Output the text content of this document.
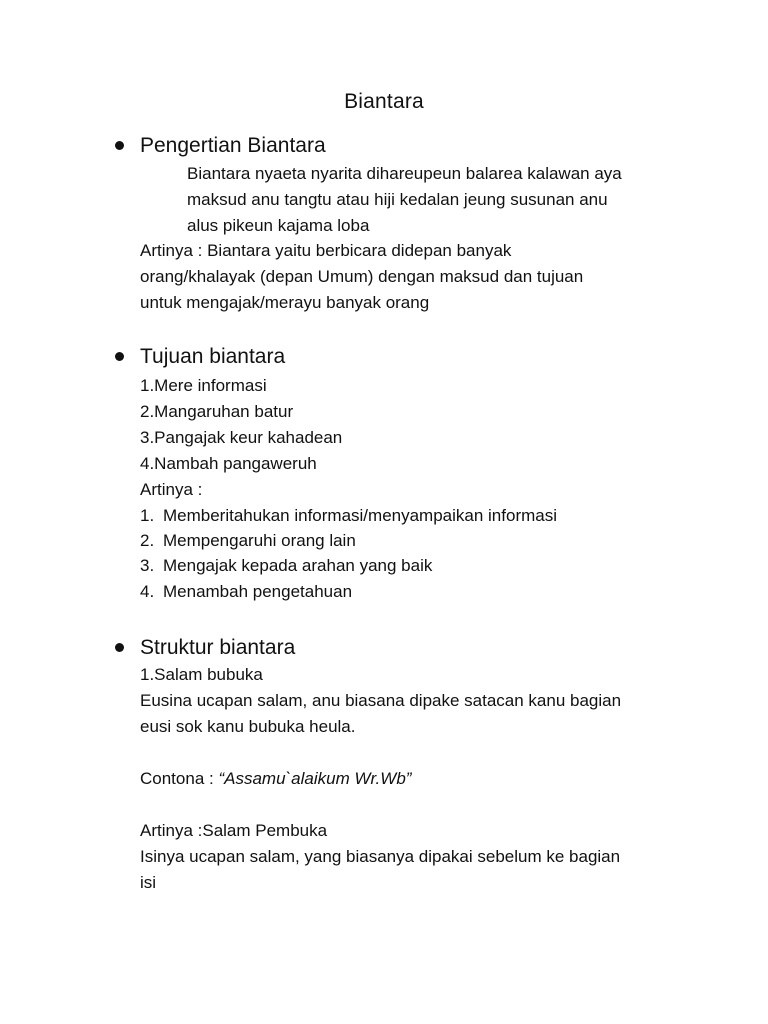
Biantara
Pengertian Biantara
Biantara nyaeta nyarita dihareupeun balarea kalawan aya
maksud anu tangtu atau hiji kedalan jeung susunan anu
alus pikeun kajama loba
Artinya : Biantara yaitu berbicara didepan banyak
orang/khalayak (depan Umum) dengan maksud dan tujuan
untuk mengajak/merayu banyak orang
Tujuan biantara
1.Mere informasi
2.Mangaruhan batur
3.Pangajak keur kahadean
4.Nambah pangaweruh
Artinya :
1. Memberitahukan informasi/menyampaikan informasi
2. Mempengaruhi orang lain
3. Mengajak kepada arahan yang baik
4. Menambah pengetahuan
Struktur biantara
1.Salam bubuka
Eusina ucapan salam, anu biasana dipake satacan kanu bagian
eusi sok kanu bubuka heula.
Contona : “Assamu`alaikum Wr.Wb”
Artinya :Salam Pembuka
Isinya ucapan salam, yang biasanya dipakai sebelum ke bagian
isi
